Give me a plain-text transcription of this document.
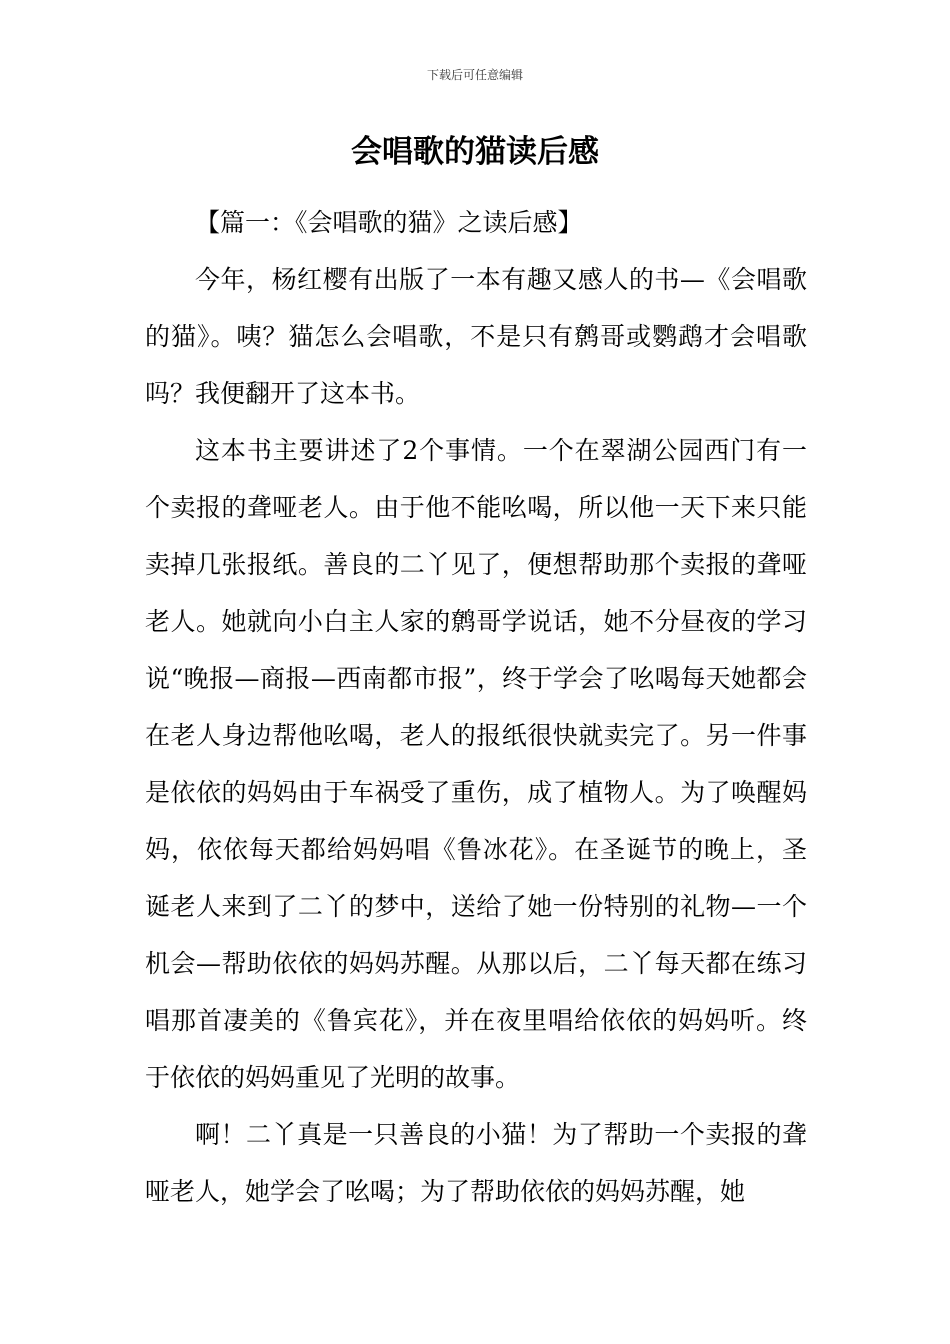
下载后可任意编辑
会唱歌的猫读后感

【篇一：《会唱歌的猫》之读后感】

今年，杨红樱有出版了一本有趣又感人的书—《会唱歌的猫》。咦？猫怎么会唱歌，不是只有鹩哥或鹦鹉才会唱歌吗？我便翻开了这本书。

这本书主要讲述了2个事情。一个在翠湖公园西门有一个卖报的聋哑老人。由于他不能吆喝，所以他一天下来只能卖掉几张报纸。善良的二丫见了，便想帮助那个卖报的聋哑老人。她就向小白主人家的鹩哥学说话，她不分昼夜的学习说“晚报—商报—西南都市报”，终于学会了吆喝每天她都会在老人身边帮他吆喝，老人的报纸很快就卖完了。另一件事是依依的妈妈由于车祸受了重伤，成了植物人。为了唤醒妈妈，依依每天都给妈妈唱《鲁冰花》。在圣诞节的晚上，圣诞老人来到了二丫的梦中，送给了她一份特别的礼物—一个机会—帮助依依的妈妈苏醒。从那以后，二丫每天都在练习唱那首凄美的《鲁宾花》，并在夜里唱给依依的妈妈听。终于依依的妈妈重见了光明的故事。

啊！二丫真是一只善良的小猫！为了帮助一个卖报的聋哑老人，她学会了吆喝；为了帮助依依的妈妈苏醒，她
